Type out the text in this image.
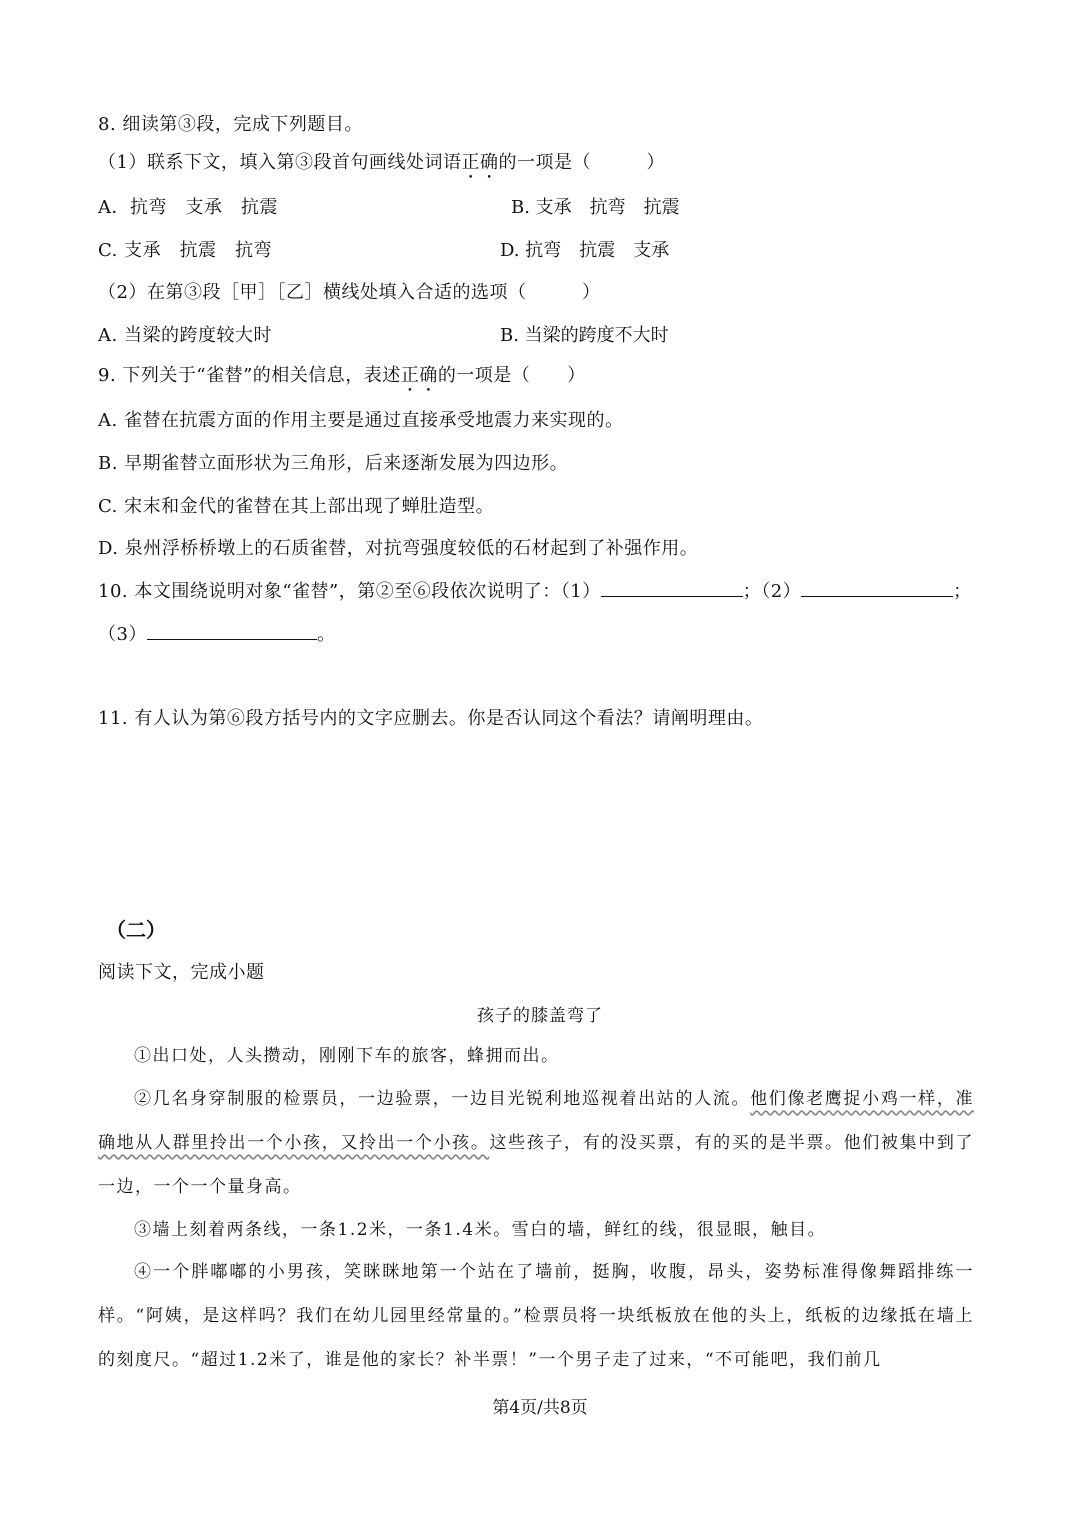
8. 细读第③段，完成下列题目。
（1）联系下文，填入第③段首句画线处词语正确的一项是（　　　）
A．抗弯　支承　抗震	B. 支承　抗弯　抗震
C. 支承　抗震　抗弯	D. 抗弯　抗震　支承
（2）在第③段［甲］［乙］横线处填入合适的选项（　　　）
A. 当梁的跨度较大时	B. 当梁的跨度不大时
9. 下列关于“雀替”的相关信息，表述正确的一项是（　　）
A. 雀替在抗震方面的作用主要是通过直接承受地震力来实现的。
B. 早期雀替立面形状为三角形，后来逐渐发展为四边形。
C. 宋末和金代的雀替在其上部出现了蝉肚造型。
D. 泉州浮桥桥墩上的石质雀替，对抗弯强度较低的石材起到了补强作用。
10. 本文围绕说明对象“雀替”，第②至⑥段依次说明了：（1）	；（2）	；
（3）	。
11. 有人认为第⑥段方括号内的文字应删去。你是否认同这个看法？请阐明理由。
（二）
阅读下文，完成小题
孩子的膝盖弯了
①出口处，人头攒动，刚刚下车的旅客，蜂拥而出。
②几名身穿制服的检票员，一边验票，一边目光锐利地巡视着出站的人流。他们像老鹰捉小鸡一样，准确地从人群里拎出一个小孩，又拎出一个小孩。这些孩子，有的没买票，有的买的是半票。他们被集中到了一边，一个一个量身高。
③墙上刻着两条线，一条1.2米，一条1.4米。雪白的墙，鲜红的线，很显眼，触目。
④一个胖嘟嘟的小男孩，笑眯眯地第一个站在了墙前，挺胸，收腹，昂头，姿势标准得像舞蹈排练一样。“阿姨，是这样吗？我们在幼儿园里经常量的。”检票员将一块纸板放在他的头上，纸板的边缘抵在墙上的刻度尺。“超过1.2米了，谁是他的家长？补半票！”一个男子走了过来，“不可能吧，我们前几
第4页/共8页
